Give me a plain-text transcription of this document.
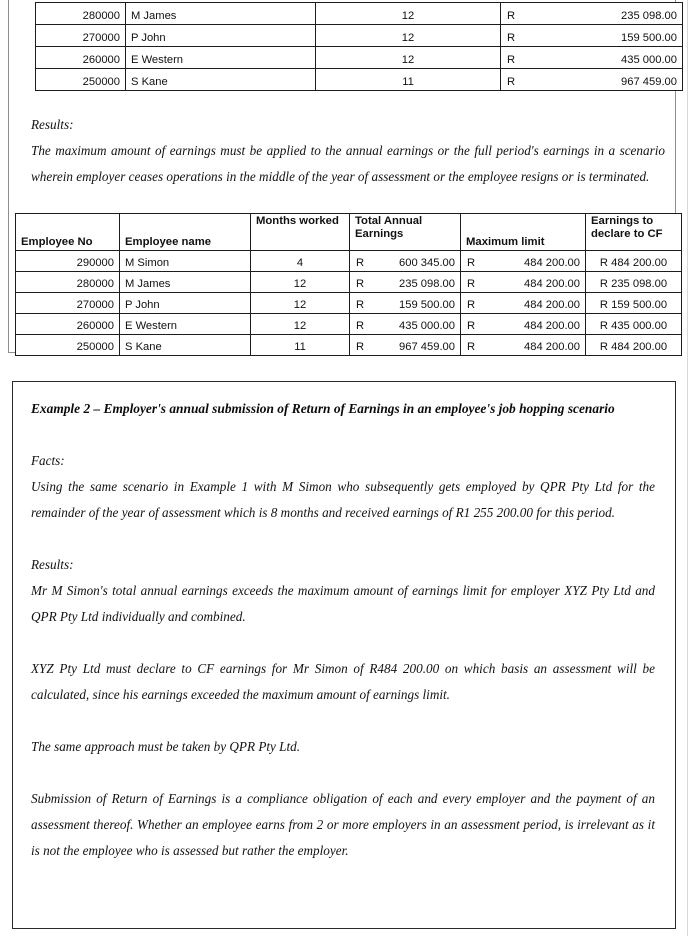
280000	M James	12	R 235 098.00

270000	P John	12	R 159 500.00

260000	E Western	12	R 435 000.00

250000	S Kane	11	R 967 459.00

Results:

The maximum amount of earnings must be applied to the annual earnings or the full period's earnings in a scenario wherein employer ceases operations in the middle of the year of assessment or the employee resigns or is terminated.

Employee No	Employee name	Months worked	Total Annual Earnings	Maximum limit	Earnings to declare to CF
290000	M Simon	4	R 600 345.00	R 484 200.00	R 484 200.00
280000	M James	12	R 235 098.00	R 484 200.00	R 235 098.00
270000	P John	12	R 159 500.00	R 484 200.00	R 159 500.00
260000	E Western	12	R 435 000.00	R 484 200.00	R 435 000.00
250000	S Kane	11	R 967 459.00	R 484 200.00	R 484 200.00

Example 2 – Employer's annual submission of Return of Earnings in an employee's job hopping scenario

Facts:

Using the same scenario in Example 1 with M Simon who subsequently gets employed by QPR Pty Ltd for the remainder of the year of assessment which is 8 months and received earnings of R1 255 200.00 for this period.

Results:

Mr M Simon's total annual earnings exceeds the maximum amount of earnings limit for employer XYZ Pty Ltd and QPR Pty Ltd individually and combined.

XYZ Pty Ltd must declare to CF earnings for Mr Simon of R484 200.00 on which basis an assessment will be calculated, since his earnings exceeded the maximum amount of earnings limit.

The same approach must be taken by QPR Pty Ltd.

Submission of Return of Earnings is a compliance obligation of each and every employer and the payment of an assessment thereof. Whether an employee earns from 2 or more employers in an assessment period, is irrelevant as it is not the employee who is assessed but rather the employer.
